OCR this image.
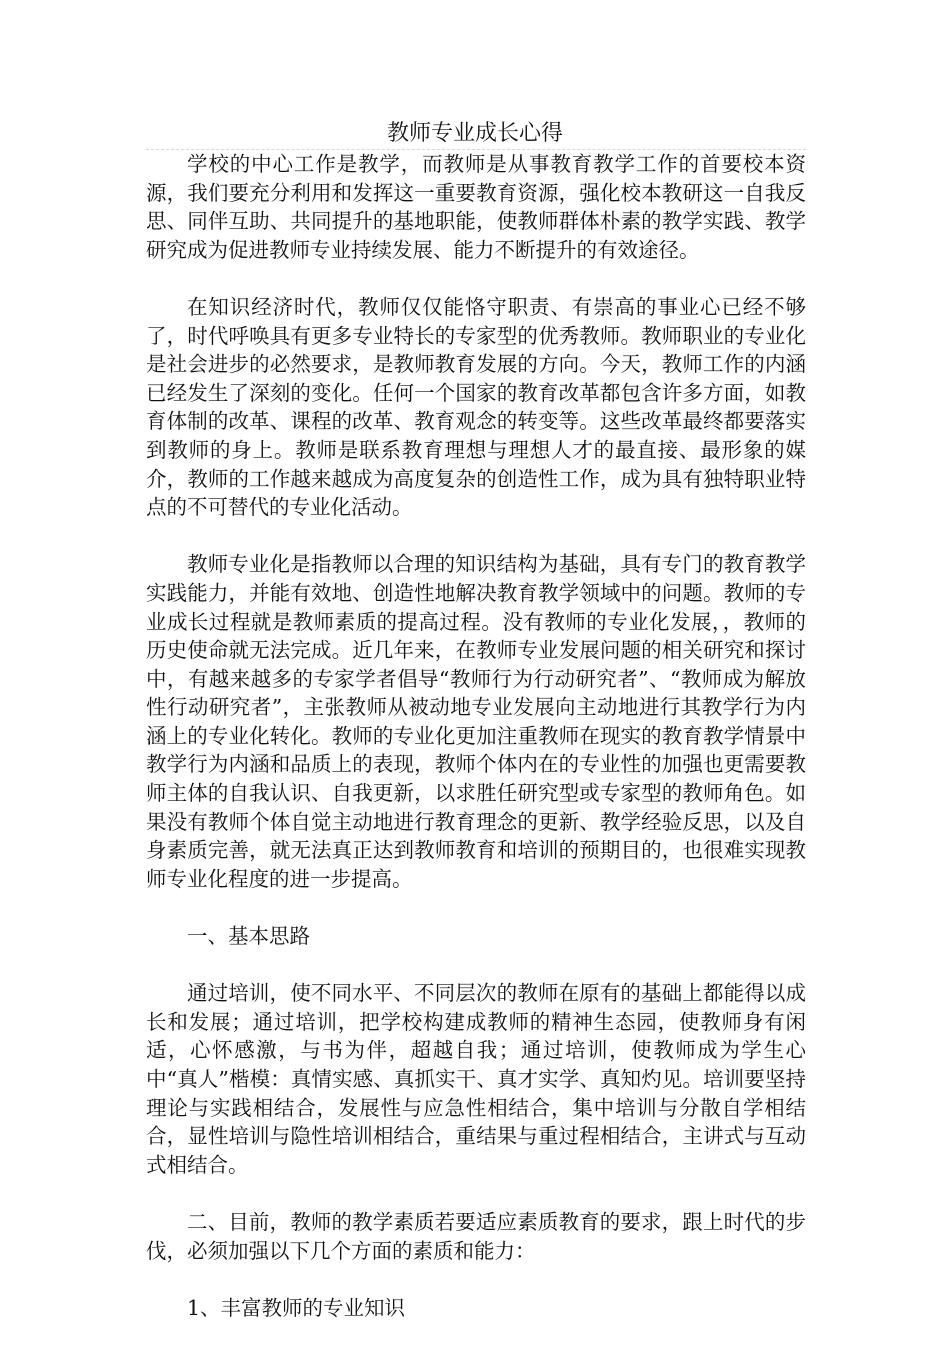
教师专业成长心得

学校的中心工作是教学，而教师是从事教育教学工作的首要校本资源，我们要充分利用和发挥这一重要教育资源，强化校本教研这一自我反思、同伴互助、共同提升的基地职能，使教师群体朴素的教学实践、教学研究成为促进教师专业持续发展、能力不断提升的有效途径。

在知识经济时代，教师仅仅能恪守职责、有崇高的事业心已经不够了，时代呼唤具有更多专业特长的专家型的优秀教师。教师职业的专业化是社会进步的必然要求，是教师教育发展的方向。今天，教师工作的内涵已经发生了深刻的变化。任何一个国家的教育改革都包含许多方面，如教育体制的改革、课程的改革、教育观念的转变等。这些改革最终都要落实到教师的身上。教师是联系教育理想与理想人才的最直接、最形象的媒介，教师的工作越来越成为高度复杂的创造性工作，成为具有独特职业特点的不可替代的专业化活动。

教师专业化是指教师以合理的知识结构为基础，具有专门的教育教学实践能力，并能有效地、创造性地解决教育教学领域中的问题。教师的专业成长过程就是教师素质的提高过程。没有教师的专业化发展，，教师的历史使命就无法完成。近几年来，在教师专业发展问题的相关研究和探讨中，有越来越多的专家学者倡导“教师行为行动研究者”、“教师成为解放性行动研究者”，主张教师从被动地专业发展向主动地进行其教学行为内涵上的专业化转化。教师的专业化更加注重教师在现实的教育教学情景中教学行为内涵和品质上的表现，教师个体内在的专业性的加强也更需要教师主体的自我认识、自我更新，以求胜任研究型或专家型的教师角色。如果没有教师个体自觉主动地进行教育理念的更新、教学经验反思，以及自身素质完善，就无法真正达到教师教育和培训的预期目的，也很难实现教师专业化程度的进一步提高。

一、基本思路

通过培训，使不同水平、不同层次的教师在原有的基础上都能得以成长和发展；通过培训，把学校构建成教师的精神生态园，使教师身有闲适，心怀感激，与书为伴，超越自我；通过培训，使教师成为学生心中“真人”楷模：真情实感、真抓实干、真才实学、真知灼见。培训要坚持理论与实践相结合，发展性与应急性相结合，集中培训与分散自学相结合，显性培训与隐性培训相结合，重结果与重过程相结合，主讲式与互动式相结合。

二、目前，教师的教学素质若要适应素质教育的要求，跟上时代的步伐，必须加强以下几个方面的素质和能力：

1、丰富教师的专业知识
